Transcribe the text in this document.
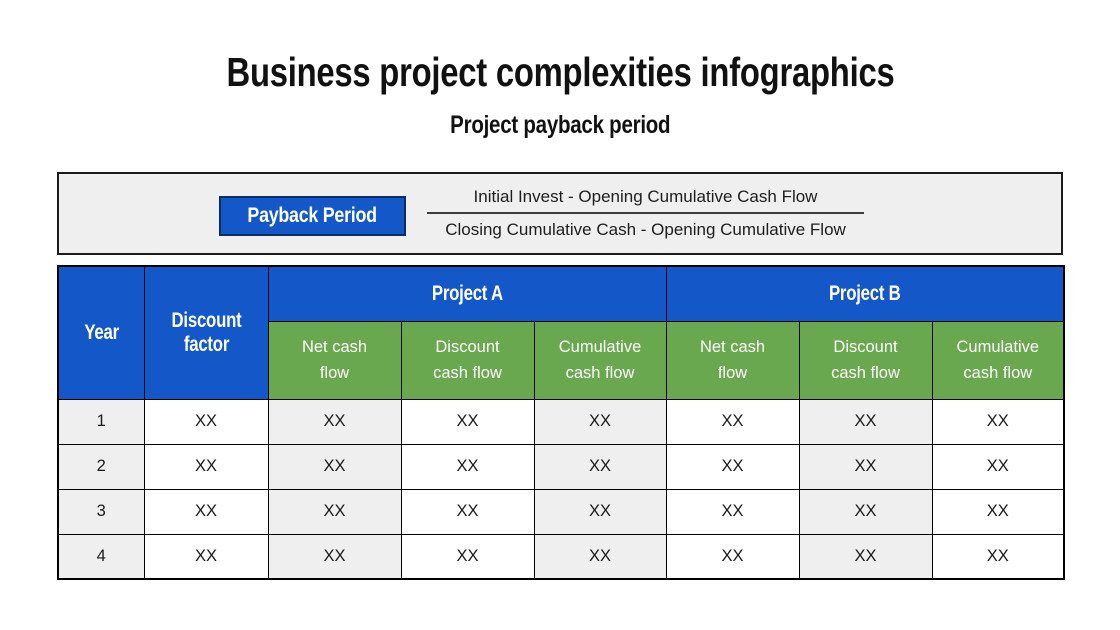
Business project complexities infographics
Project payback period
Payback Period
Initial Invest - Opening Cumulative Cash Flow
Closing Cumulative Cash - Opening Cumulative Flow
Year	Discount factor	Project A			Project B		
		Net cash flow	Discount cash flow	Cumulative cash flow	Net cash flow	Discount cash flow	Cumulative cash flow
1	XX	XX	XX	XX	XX	XX	XX
2	XX	XX	XX	XX	XX	XX	XX
3	XX	XX	XX	XX	XX	XX	XX
4	XX	XX	XX	XX	XX	XX	XX
